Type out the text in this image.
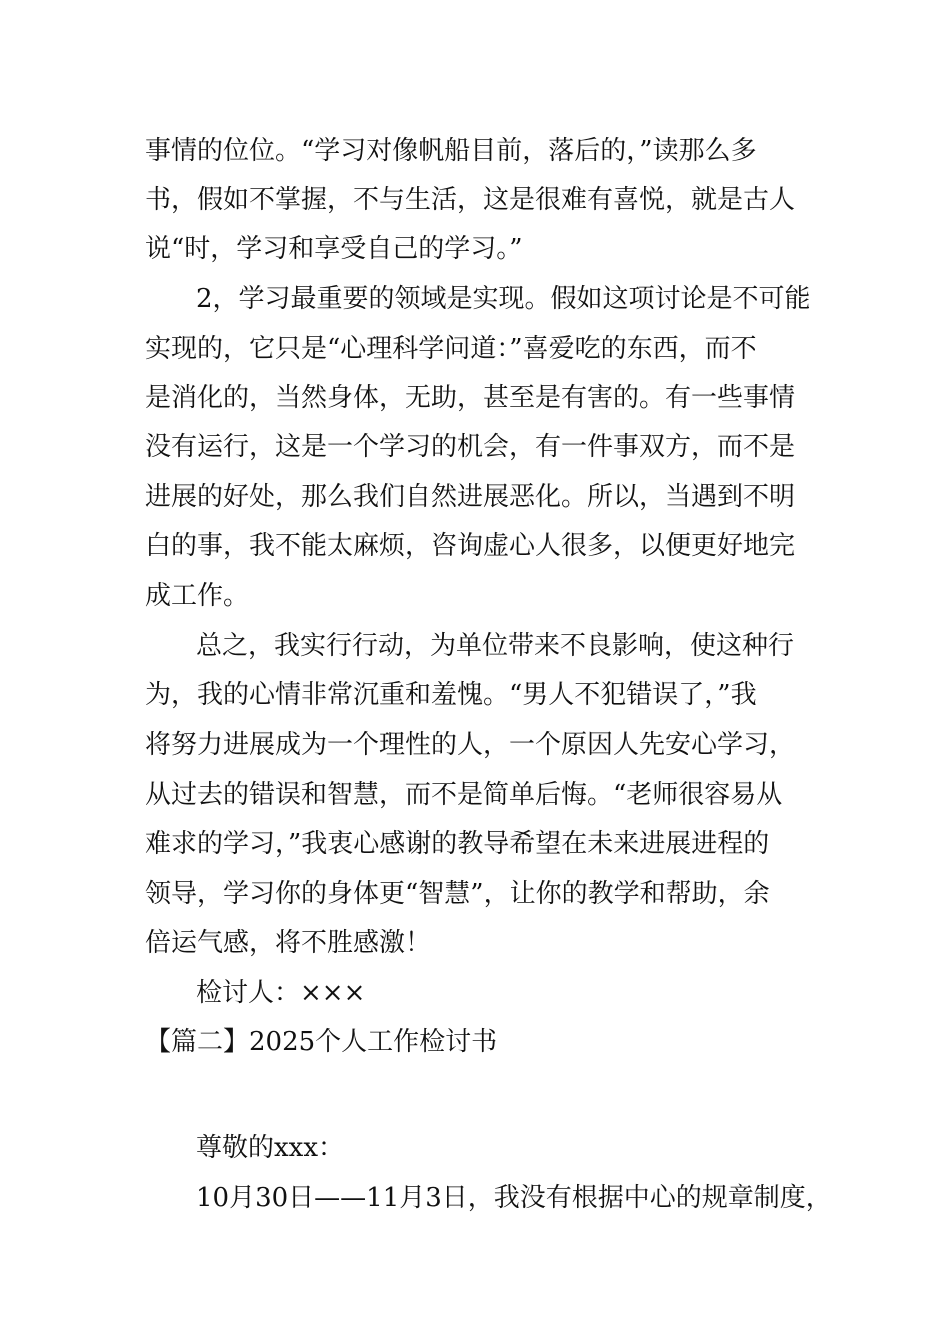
事情的位位。“学习对像帆船目前，落后的，”读那么多
书，假如不掌握，不与生活，这是很难有喜悦，就是古人
说“时，学习和享受自己的学习。”
2，学习最重要的领域是实现。假如这项讨论是不可能
实现的，它只是“心理科学问道：”喜爱吃的东西，而不
是消化的，当然身体，无助，甚至是有害的。有一些事情
没有运行，这是一个学习的机会，有一件事双方，而不是
进展的好处，那么我们自然进展恶化。所以，当遇到不明
白的事，我不能太麻烦，咨询虚心人很多，以便更好地完
成工作。
总之，我实行行动，为单位带来不良影响，使这种行
为，我的心情非常沉重和羞愧。“男人不犯错误了，”我
将努力进展成为一个理性的人，一个原因人先安心学习，
从过去的错误和智慧，而不是简单后悔。“老师很容易从
难求的学习，”我衷心感谢的教导希望在未来进展进程的
领导，学习你的身体更“智慧”，让你的教学和帮助，余
倍运气感，将不胜感激！
检讨人：×××
【篇二】2025个人工作检讨书
尊敬的xxx：
10月30日——11月3日，我没有根据中心的规章制度，
